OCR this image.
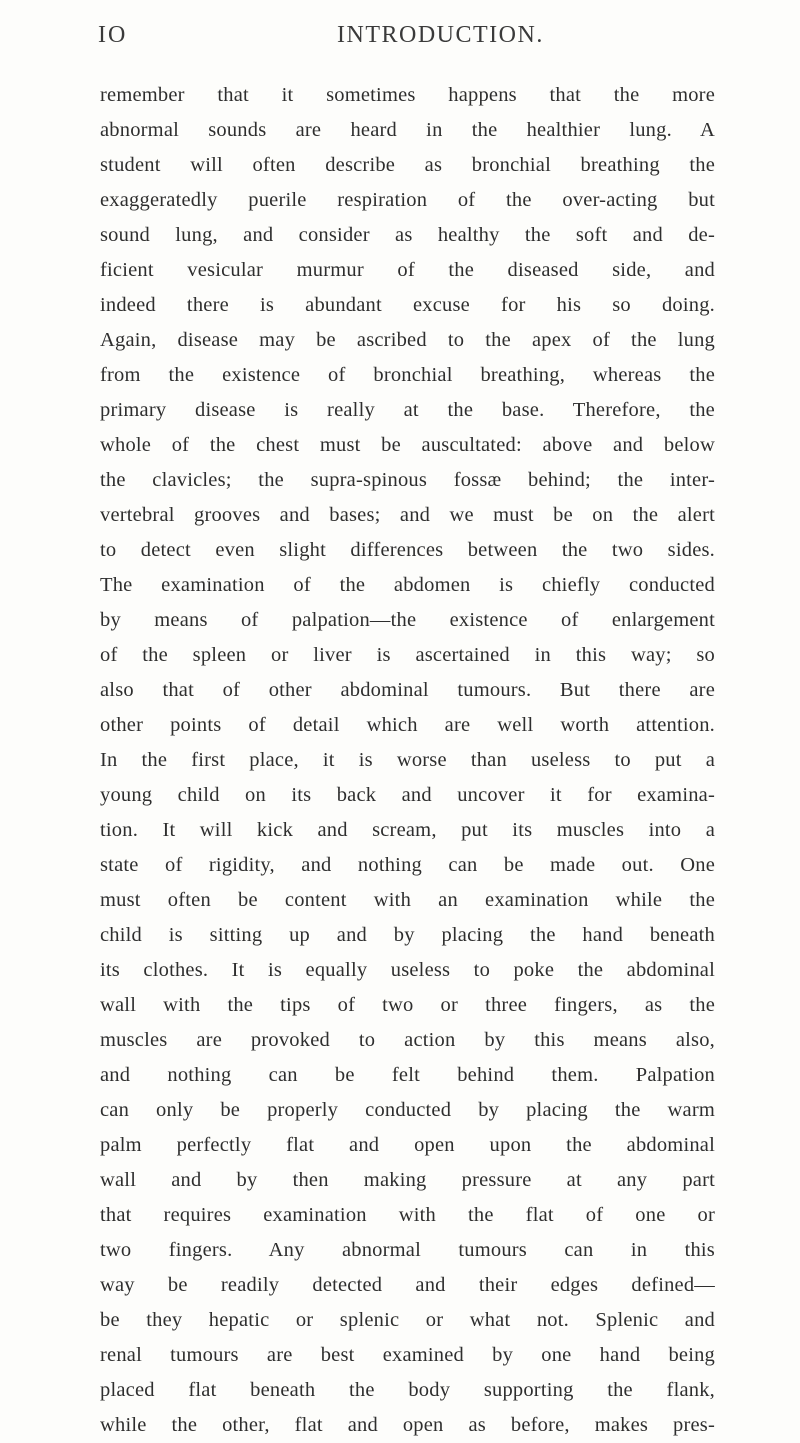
IO	INTRODUCTION.
remember that it sometimes happens that the more
abnormal sounds are heard in the healthier lung. A
student will often describe as bronchial breathing the
exaggeratedly puerile respiration of the over-acting but
sound lung, and consider as healthy the soft and de-
ficient vesicular murmur of the diseased side, and
indeed there is abundant excuse for his so doing.
Again, disease may be ascribed to the apex of the lung
from the existence of bronchial breathing, whereas the
primary disease is really at the base. Therefore, the
whole of the chest must be auscultated: above and below
the clavicles; the supra-spinous fossæ behind; the inter-
vertebral grooves and bases; and we must be on the alert
to detect even slight differences between the two sides.
The examination of the abdomen is chiefly conducted
by means of palpation—the existence of enlargement
of the spleen or liver is ascertained in this way; so
also that of other abdominal tumours. But there are
other points of detail which are well worth attention.
In the first place, it is worse than useless to put a
young child on its back and uncover it for examina-
tion. It will kick and scream, put its muscles into a
state of rigidity, and nothing can be made out. One
must often be content with an examination while the
child is sitting up and by placing the hand beneath
its clothes. It is equally useless to poke the abdominal
wall with the tips of two or three fingers, as the
muscles are provoked to action by this means also,
and nothing can be felt behind them. Palpation
can only be properly conducted by placing the warm
palm perfectly flat and open upon the abdominal
wall and by then making pressure at any part
that requires examination with the flat of one or
two fingers. Any abnormal tumours can in this
way be readily detected and their edges defined—
be they hepatic or splenic or what not. Splenic and
renal tumours are best examined by one hand being
placed flat beneath the body supporting the flank,
while the other, flat and open as before, makes pres-
